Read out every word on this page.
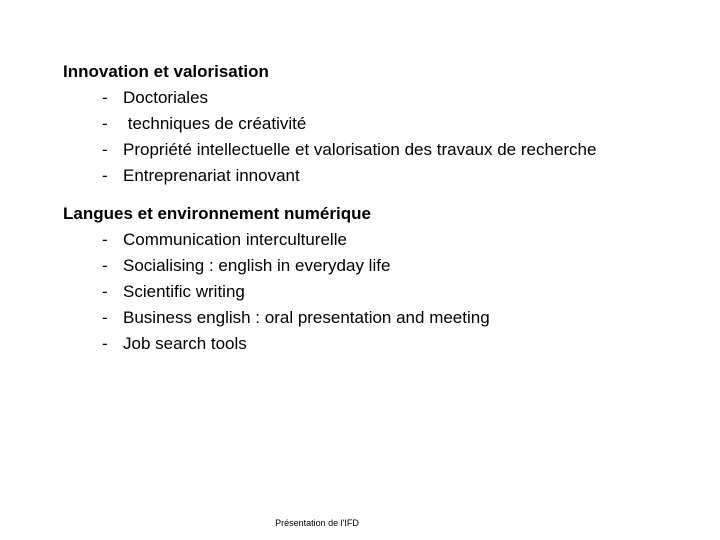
Innovation et valorisation
- Doctoriales
- techniques de créativité
- Propriété intellectuelle et valorisation des travaux de recherche
- Entreprenariat innovant
Langues et environnement numérique
- Communication interculturelle
- Socialising : english in everyday life
- Scientific writing
- Business english : oral presentation and meeting
- Job search tools
Présentation de l'IFD
